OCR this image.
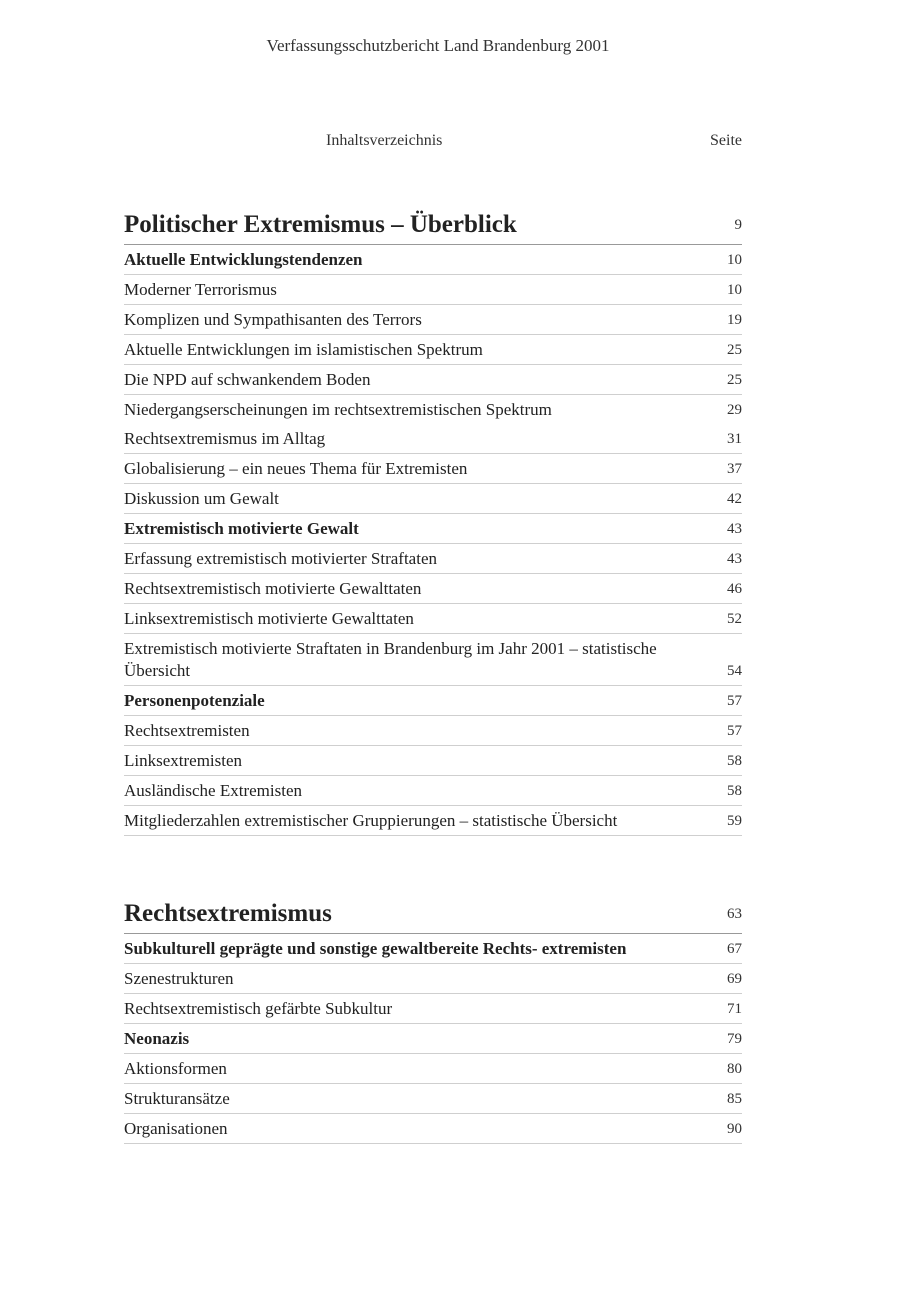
Verfassungsschutzbericht Land Brandenburg 2001
Inhaltsverzeichnis	Seite
Politischer Extremismus – Überblick	9
Aktuelle Entwicklungstendenzen	10
Moderner Terrorismus	10
Komplizen und Sympathisanten des Terrors	19
Aktuelle Entwicklungen im islamistischen Spektrum	25
Die NPD auf schwankendem Boden	25
Niedergangserscheinungen im rechtsextremistischen Spektrum	29
Rechtsextremismus im Alltag	31
Globalisierung – ein neues Thema für Extremisten	37
Diskussion um Gewalt	42
Extremistisch motivierte Gewalt	43
Erfassung extremistisch motivierter Straftaten	43
Rechtsextremistisch motivierte Gewalttaten	46
Linksextremistisch motivierte Gewalttaten	52
Extremistisch motivierte Straftaten in Brandenburg im Jahr 2001 – statistische Übersicht	54
Personenpotenziale	57
Rechtsextremisten	57
Linksextremisten	58
Ausländische Extremisten	58
Mitgliederzahlen extremistischer Gruppierungen – statistische Übersicht	59
Rechtsextremismus	63
Subkulturell geprägte und sonstige gewaltbereite Rechts- extremisten	67
Szenestrukturen	69
Rechtsextremistisch gefärbte Subkultur	71
Neonazis	79
Aktionsformen	80
Strukturansätze	85
Organisationen	90
